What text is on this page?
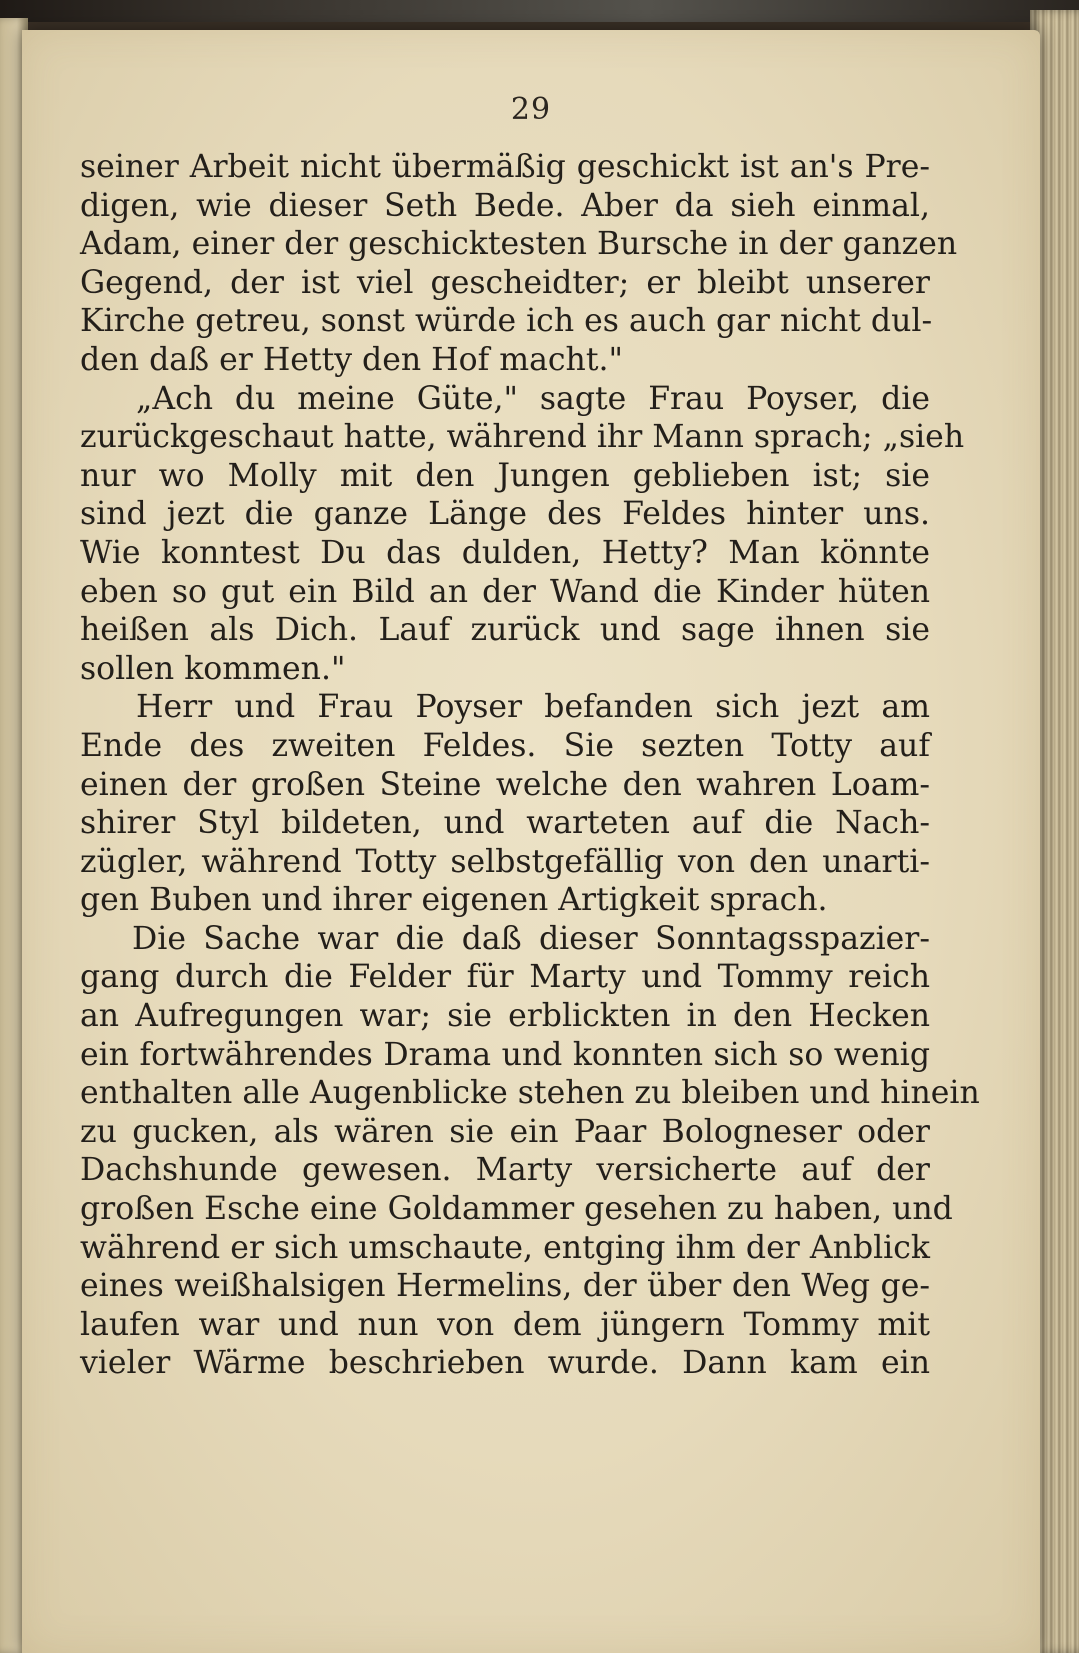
29
seiner Arbeit nicht übermäßig geschickt ist an's Pre-
digen, wie dieser Seth Bede. Aber da sieh einmal,
Adam, einer der geschicktesten Bursche in der ganzen
Gegend, der ist viel gescheidter; er bleibt unserer
Kirche getreu, sonst würde ich es auch gar nicht dul-
den daß er Hetty den Hof macht."
„Ach du meine Güte," sagte Frau Poyser, die
zurückgeschaut hatte, während ihr Mann sprach; „sieh
nur wo Molly mit den Jungen geblieben ist; sie
sind jezt die ganze Länge des Feldes hinter uns.
Wie konntest Du das dulden, Hetty? Man könnte
eben so gut ein Bild an der Wand die Kinder hüten
heißen als Dich. Lauf zurück und sage ihnen sie
sollen kommen."
Herr und Frau Poyser befanden sich jezt am
Ende des zweiten Feldes. Sie sezten Totty auf
einen der großen Steine welche den wahren Loam-
shirer Styl bildeten, und warteten auf die Nach-
zügler, während Totty selbstgefällig von den unarti-
gen Buben und ihrer eigenen Artigkeit sprach.
Die Sache war die daß dieser Sonntagsspazier-
gang durch die Felder für Marty und Tommy reich
an Aufregungen war; sie erblickten in den Hecken
ein fortwährendes Drama und konnten sich so wenig
enthalten alle Augenblicke stehen zu bleiben und hinein
zu gucken, als wären sie ein Paar Bologneser oder
Dachshunde gewesen. Marty versicherte auf der
großen Esche eine Goldammer gesehen zu haben, und
während er sich umschaute, entging ihm der Anblick
eines weißhalsigen Hermelins, der über den Weg ge-
laufen war und nun von dem jüngern Tommy mit
vieler Wärme beschrieben wurde. Dann kam ein
